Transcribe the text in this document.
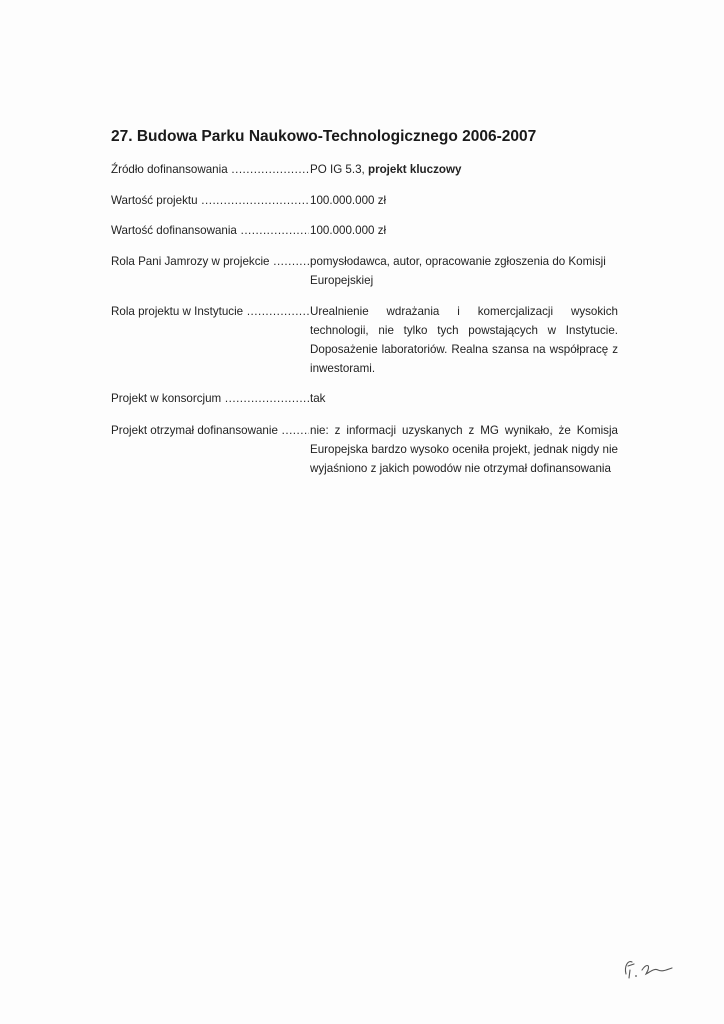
27. Budowa Parku Naukowo-Technologicznego 2006-2007
Źródło dofinansowania .....	PO IG 5.3, projekt kluczowy
Wartość projektu .....	100.000.000 zł
Wartość dofinansowania .....	100.000.000 zł
Rola Pani Jamrozy w projekcie .....	pomysłodawca, autor, opracowanie zgłoszenia do Komisji Europejskiej
Rola projektu w Instytucie .....	Urealnienie wdrażania i komercjalizacji wysokich technologii, nie tylko tych powstających w Instytucie. Doposażenie laboratoriów. Realna szansa na współpracę z inwestorami.
Projekt w konsorcjum .....	tak
Projekt otrzymał dofinansowanie .....	nie: z informacji uzyskanych z MG wynikało, że Komisja Europejska bardzo wysoko oceniła projekt, jednak nigdy nie wyjaśniono z jakich powodów nie otrzymał dofinansowania
